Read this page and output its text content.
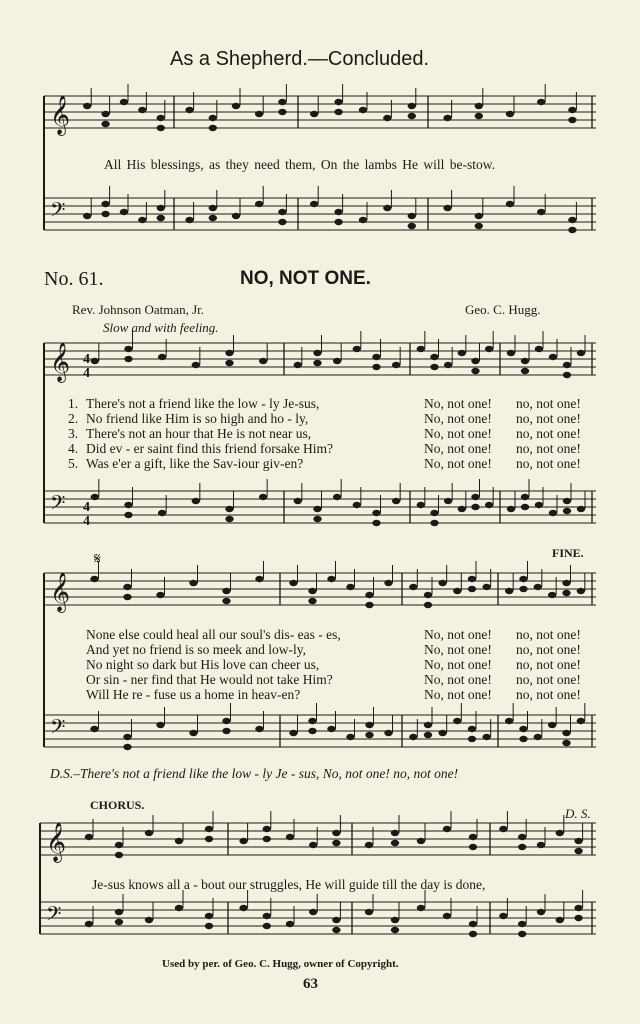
𝄞
𝄢
𝄞
𝄢
𝄞
𝄢
𝄞
𝄢
4
4
4
4
As a Shepherd.—Concluded.
All His blessings, as they need them, On the lambs He will be-stow.
No. 61.	NO, NOT ONE.
Rev. Johnson Oatman, Jr.	Geo. C. Hugg.
Slow and with feeling.
1. There's not a friend like the low - ly Je-sus,	No, not one! no, not one!
2. No friend like Him is so high and ho - ly,	No, not one! no, not one!
3. There's not an hour that He is not near us,	No, not one! no, not one!
4. Did ev - er saint find this friend forsake Him?	No, not one! no, not one!
5. Was e'er a gift, like the Sav-iour giv-en?	No, not one! no, not one!
None else could heal all our soul's dis- eas - es,	No, not one! no, not one!
And yet no friend is so meek and low-ly,	No, not one! no, not one!
No night so dark but His love can cheer us,	No, not one! no, not one!
Or sin - ner find that He would not take Him?	No, not one! no, not one!
Will He re - fuse us a home in heav-en?	No, not one! no, not one!
FINE.
𝄋
D.S.–There's not a friend like the low - ly Je - sus, No, not one! no, not one!
CHORUS.
D. S.
Je-sus knows all a - bout our struggles, He will guide till the day is done,
Used by per. of Geo. C. Hugg, owner of Copyright.
63
